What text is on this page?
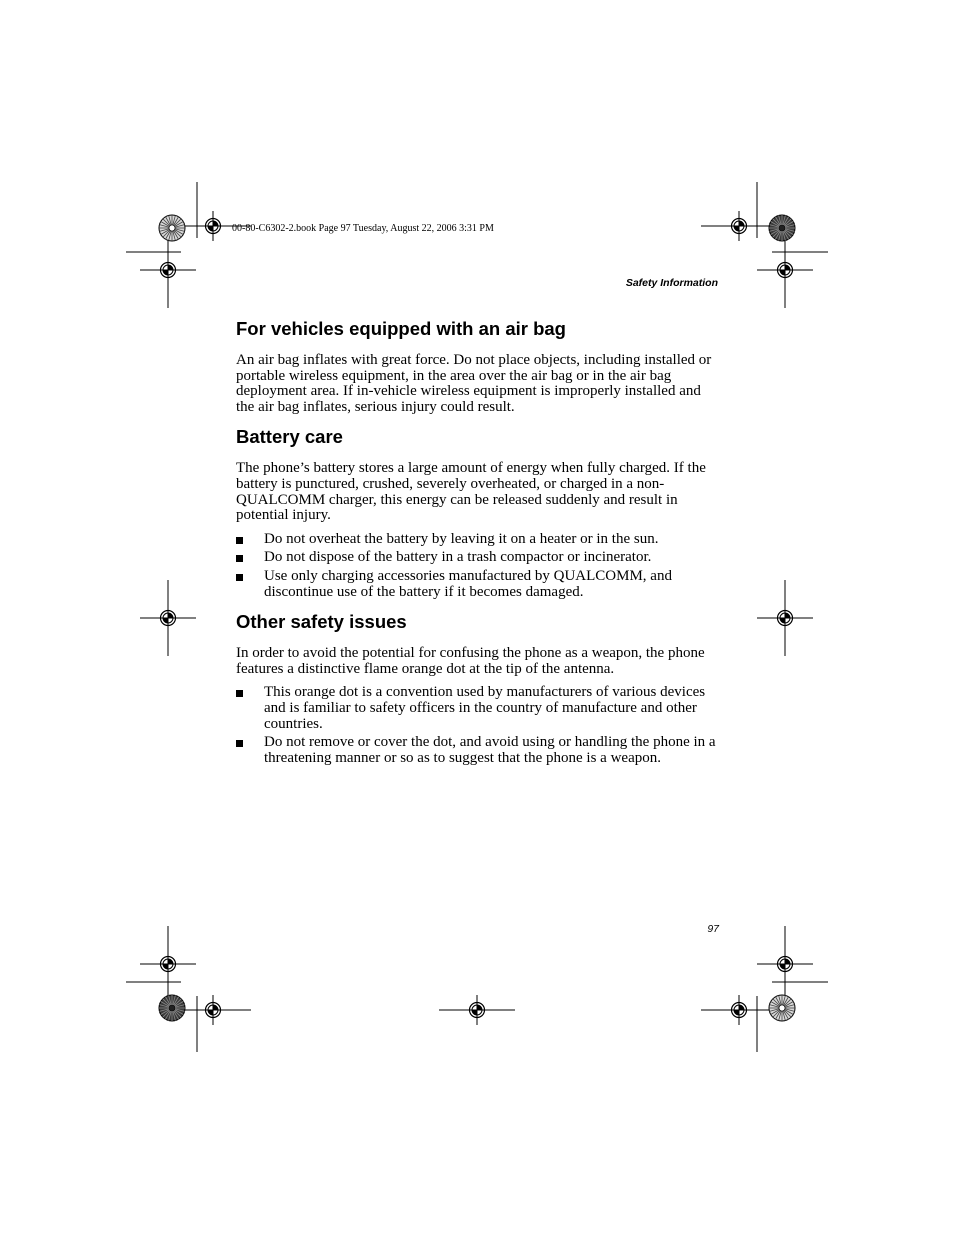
00-80-C6302-2.book Page 97 Tuesday, August 22, 2006 3:31 PM
Safety Information
For vehicles equipped with an air bag

An air bag inflates with great force. Do not place objects, including installed or portable wireless equipment, in the area over the air bag or in the air bag deployment area. If in-vehicle wireless equipment is improperly installed and the air bag inflates, serious injury could result.

Battery care

The phone’s battery stores a large amount of energy when fully charged. If the battery is punctured, crushed, severely overheated, or charged in a non-QUALCOMM charger, this energy can be released suddenly and result in potential injury.

Do not overheat the battery by leaving it on a heater or in the sun.
Do not dispose of the battery in a trash compactor or incinerator.
Use only charging accessories manufactured by QUALCOMM, and discontinue use of the battery if it becomes damaged.
Other safety issues

In order to avoid the potential for confusing the phone as a weapon, the phone features a distinctive flame orange dot at the tip of the antenna.

This orange dot is a convention used by manufacturers of various devices and is familiar to safety officers in the country of manufacture and other countries.
Do not remove or cover the dot, and avoid using or handling the phone in a threatening manner or so as to suggest that the phone is a weapon.
97
